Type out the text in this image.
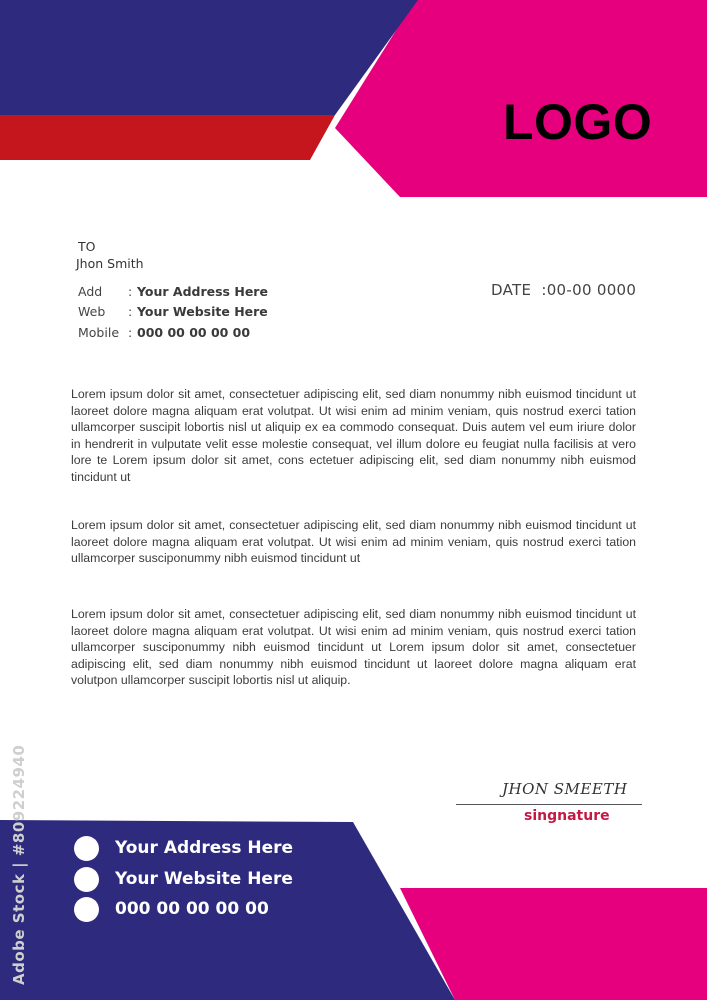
LOGO
TO
Jhon Smith
Add : Your Address Here
Web : Your Website Here
Mobile : 000 00 00 00 00
DATE  :00-00 0000

Lorem ipsum dolor sit amet, consectetuer adipiscing elit, sed diam nonummy nibh euismod tincidunt ut laoreet dolore magna aliquam erat volutpat. Ut wisi enim ad minim veniam, quis nostrud exerci tation ullamcorper suscipit lobortis nisl ut aliquip ex ea commodo consequat. Duis autem vel eum iriure dolor in hendrerit in vulputate velit esse molestie consequat, vel illum dolore eu feugiat nulla facilisis at vero lore te Lorem ipsum dolor sit amet, cons ectetuer adipiscing elit, sed diam nonummy nibh euismod tincidunt ut

Lorem ipsum dolor sit amet, consectetuer adipiscing elit, sed diam nonummy nibh euismod tincidunt ut laoreet dolore magna aliquam erat volutpat. Ut wisi enim ad minim veniam, quis nostrud exerci tation ullamcorper susciponummy nibh euismod tincidunt ut

Lorem ipsum dolor sit amet, consectetuer adipiscing elit, sed diam nonummy nibh euismod tincidunt ut laoreet dolore magna aliquam erat volutpat. Ut wisi enim ad minim veniam, quis nostrud exerci tation ullamcorper susciponummy nibh euismod tincidunt ut Lorem ipsum dolor sit amet, consectetuer adipiscing elit, sed diam nonummy nibh euismod tincidunt ut laoreet dolore magna aliquam erat volutpon ullamcorper suscipit lobortis nisl ut aliquip.

JHON SMEETH
singnature
Your Address Here
Your Website Here
000 00 00 00 00
Adobe Stock | #809224940
